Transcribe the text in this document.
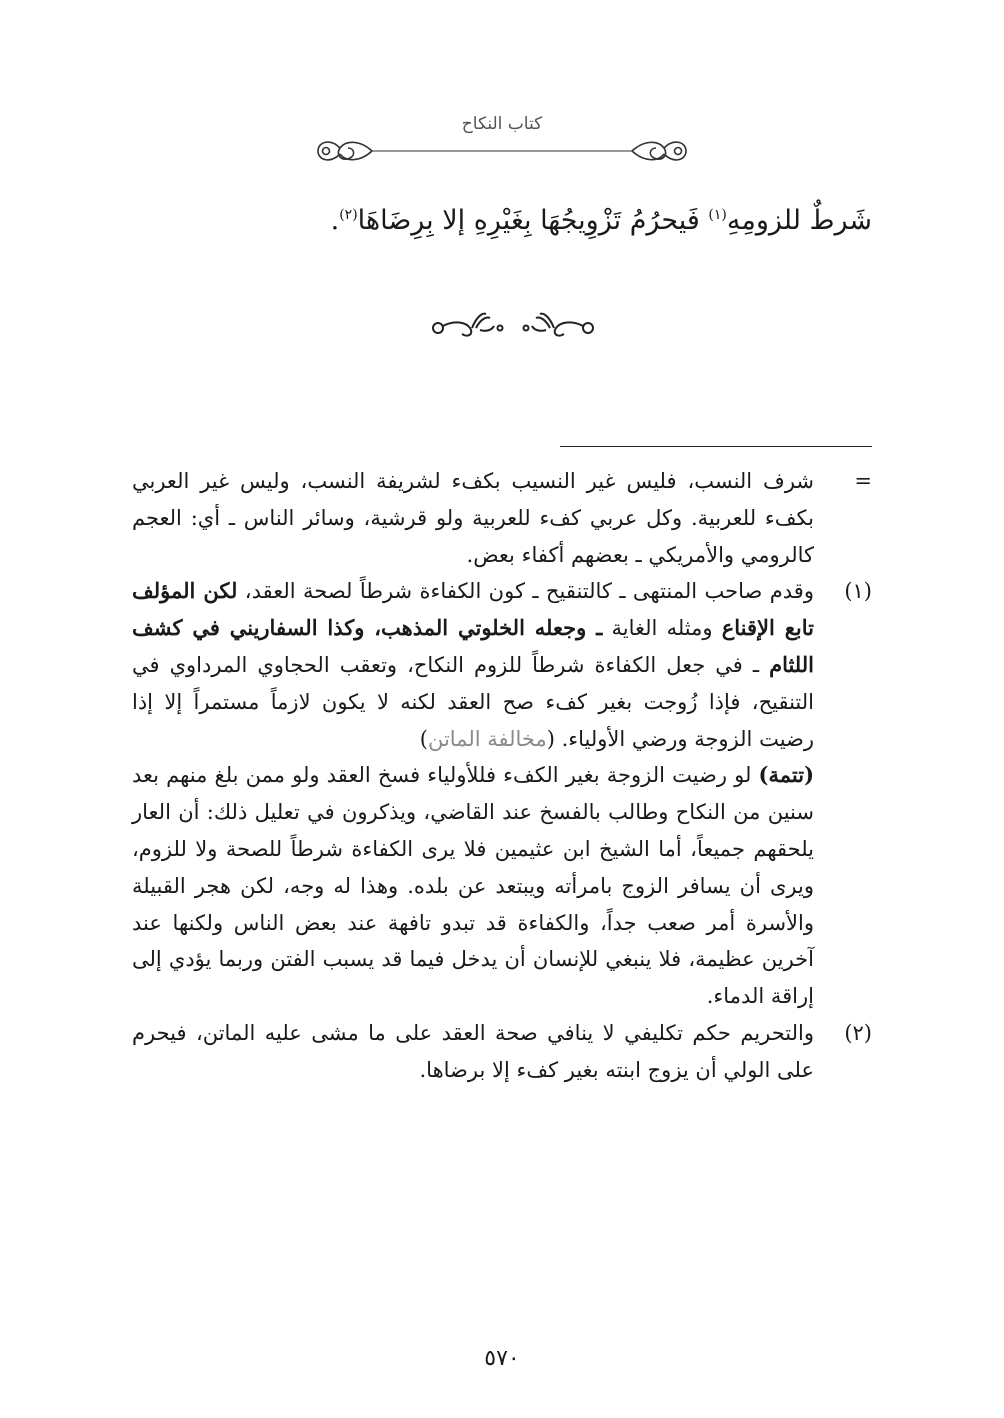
كتاب النكاح
شَرطٌ للزومِهِ$^{(١)}$ فَيحرُمُ تَزْوِيجُهَا بِغَيْرِهِ إلا بِرِضَاهَا$^{(٢)}$.
=

شرف النسب، فليس غير النسيب بكفء لشريفة النسب، وليس غير العربي بكفء للعربية. وكل عربي كفء للعربية ولو قرشية، وسائر الناس ـ أي: العجم كالرومي والأمريكي ـ بعضهم أكفاء بعض.

(١)

وقدم صاحب المنتهى ـ كالتنقيح ـ كون الكفاءة شرطاً لصحة العقد، لكن المؤلف تابع الإقناع ومثله الغاية ـ وجعله الخلوتي المذهب، وكذا السفاريني في كشف اللثام ـ في جعل الكفاءة شرطاً للزوم النكاح، وتعقب الحجاوي المرداوي في التنقيح، فإذا زُوجت بغير كفء صح العقد لكنه لا يكون لازماً مستمراً إلا إذا رضيت الزوجة ورضي الأولياء. (مخالفة الماتن)

(تتمة) لو رضيت الزوجة بغير الكفء فللأولياء فسخ العقد ولو ممن بلغ منهم بعد سنين من النكاح وطالب بالفسخ عند القاضي، ويذكرون في تعليل ذلك: أن العار يلحقهم جميعاً، أما الشيخ ابن عثيمين فلا يرى الكفاءة شرطاً للصحة ولا للزوم، ويرى أن يسافر الزوج بامرأته ويبتعد عن بلده. وهذا له وجه، لكن هجر القبيلة والأسرة أمر صعب جداً، والكفاءة قد تبدو تافهة عند بعض الناس ولكنها عند آخرين عظيمة، فلا ينبغي للإنسان أن يدخل فيما قد يسبب الفتن وربما يؤدي إلى إراقة الدماء.

(٢)

والتحريم حكم تكليفي لا ينافي صحة العقد على ما مشى عليه الماتن، فيحرم على الولي أن يزوج ابنته بغير كفء إلا برضاها.

٥٧٠
